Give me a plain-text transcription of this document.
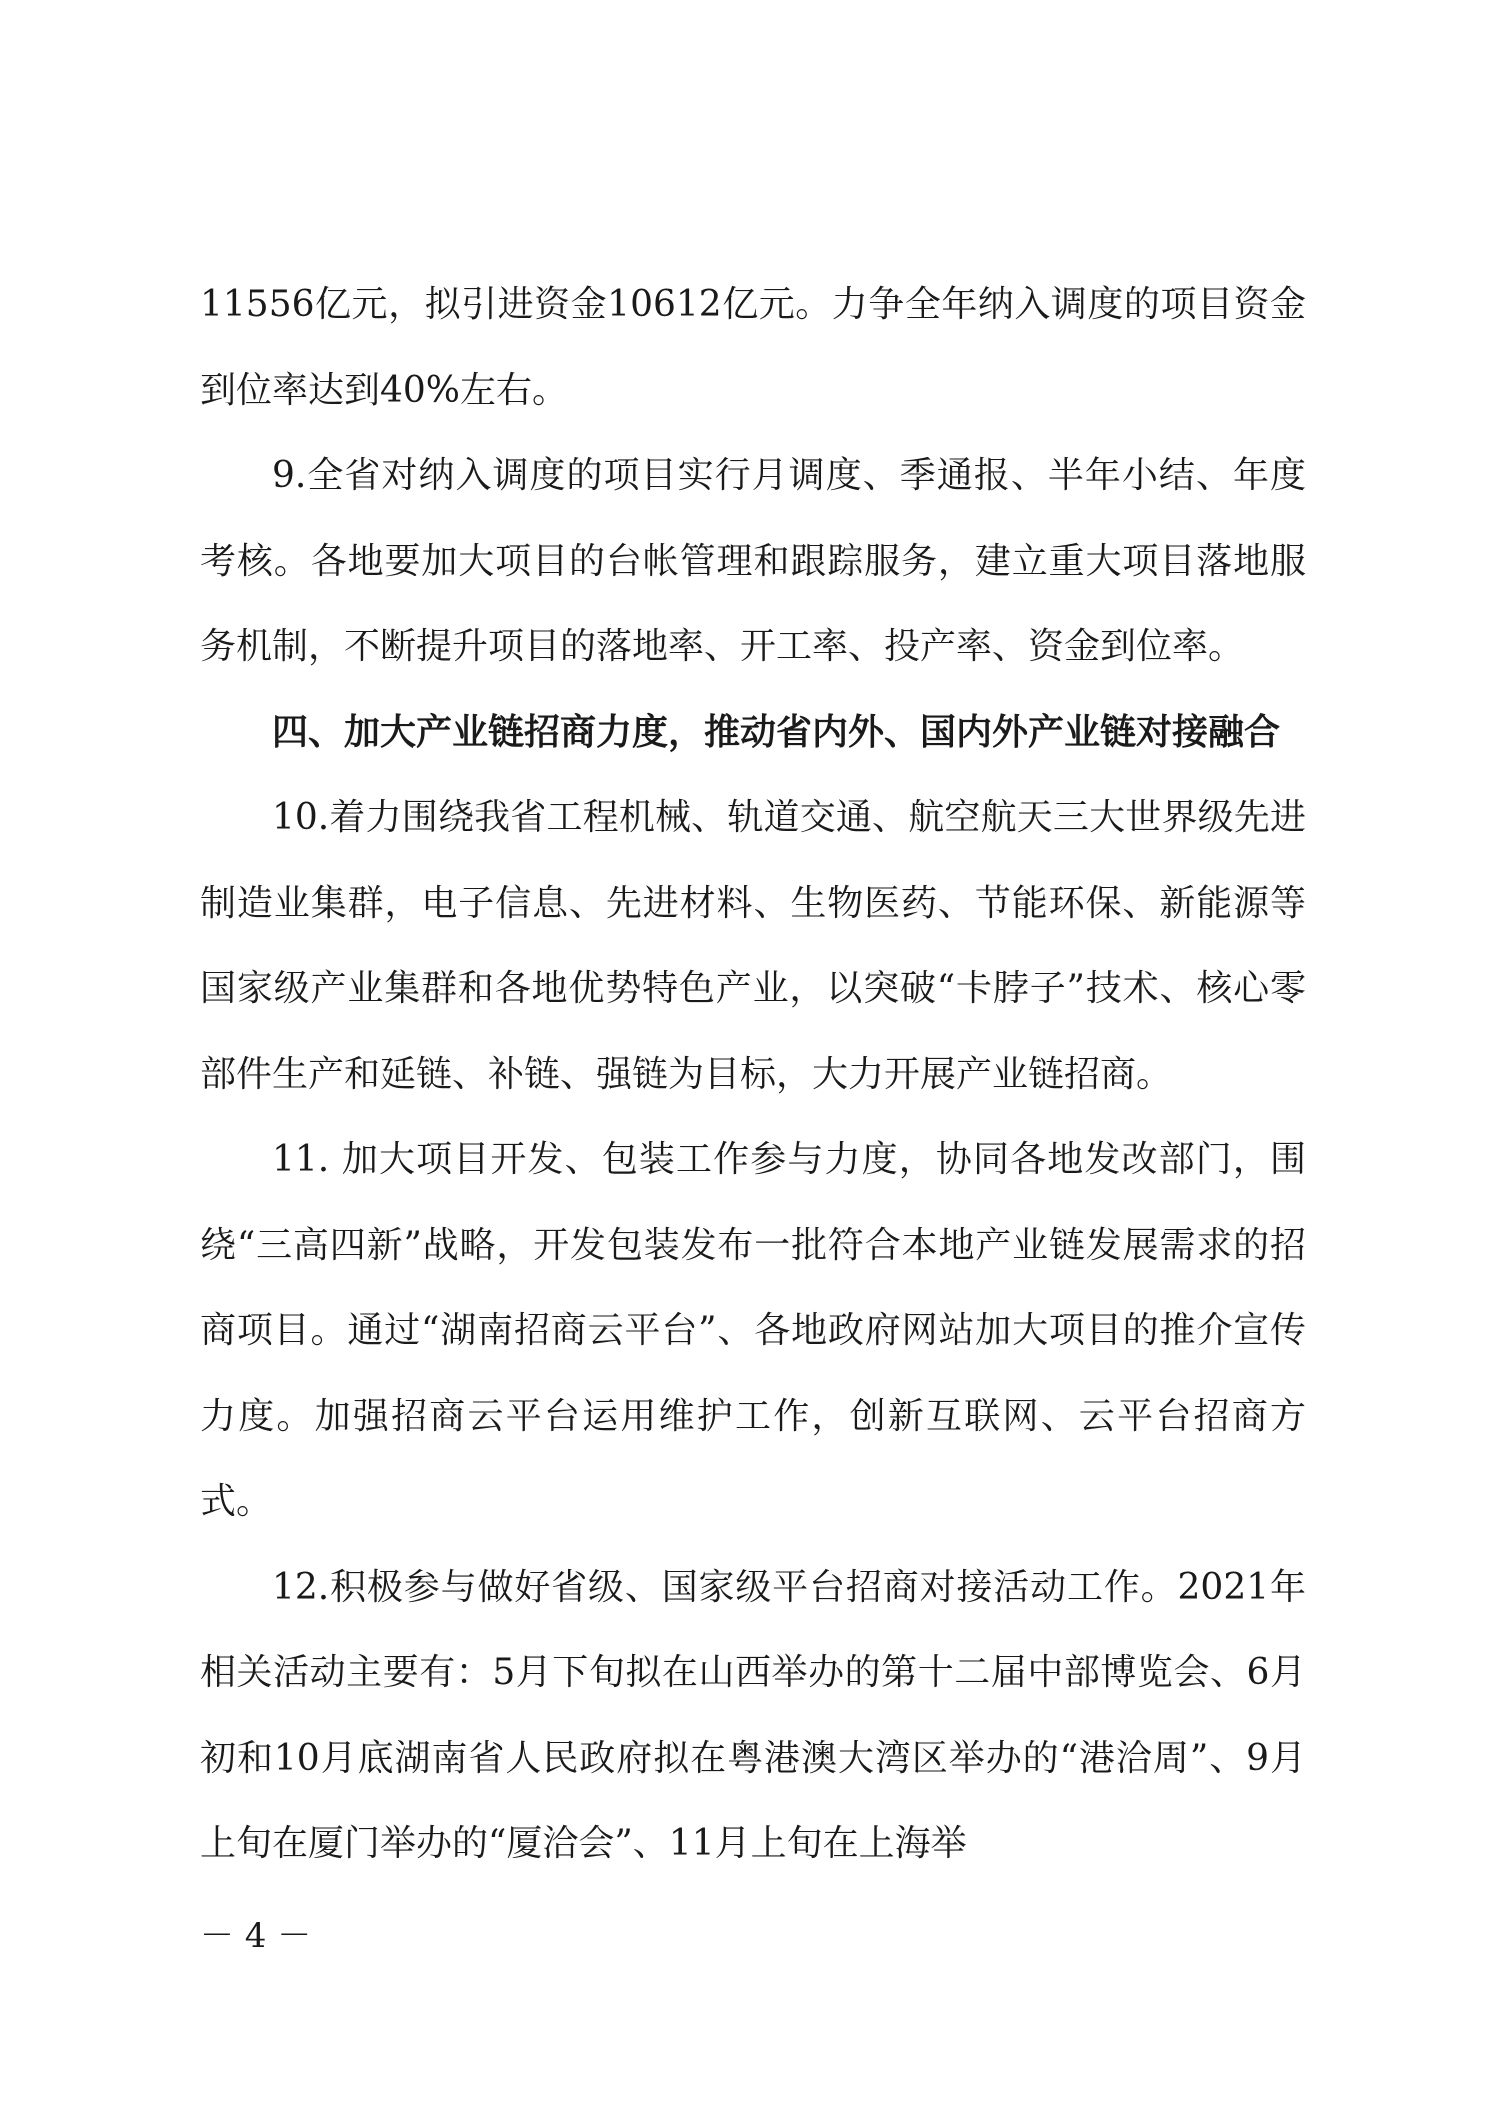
11556亿元，拟引进资金10612亿元。力争全年纳入调度的项目资金到位率达到40%左右。

9.全省对纳入调度的项目实行月调度、季通报、半年小结、年度考核。各地要加大项目的台帐管理和跟踪服务，建立重大项目落地服务机制，不断提升项目的落地率、开工率、投产率、资金到位率。

四、加大产业链招商力度，推动省内外、国内外产业链对接融合

10.着力围绕我省工程机械、轨道交通、航空航天三大世界级先进制造业集群，电子信息、先进材料、生物医药、节能环保、新能源等国家级产业集群和各地优势特色产业，以突破“卡脖子”技术、核心零部件生产和延链、补链、强链为目标，大力开展产业链招商。

11. 加大项目开发、包装工作参与力度，协同各地发改部门，围绕“三高四新”战略，开发包装发布一批符合本地产业链发展需求的招商项目。通过“湖南招商云平台”、各地政府网站加大项目的推介宣传力度。加强招商云平台运用维护工作，创新互联网、云平台招商方式。

12.积极参与做好省级、国家级平台招商对接活动工作。2021年相关活动主要有：5月下旬拟在山西举办的第十二届中部博览会、6月初和10月底湖南省人民政府拟在粤港澳大湾区举办的“港洽周”、9月上旬在厦门举办的“厦洽会”、11月上旬在上海举

－ 4 －
